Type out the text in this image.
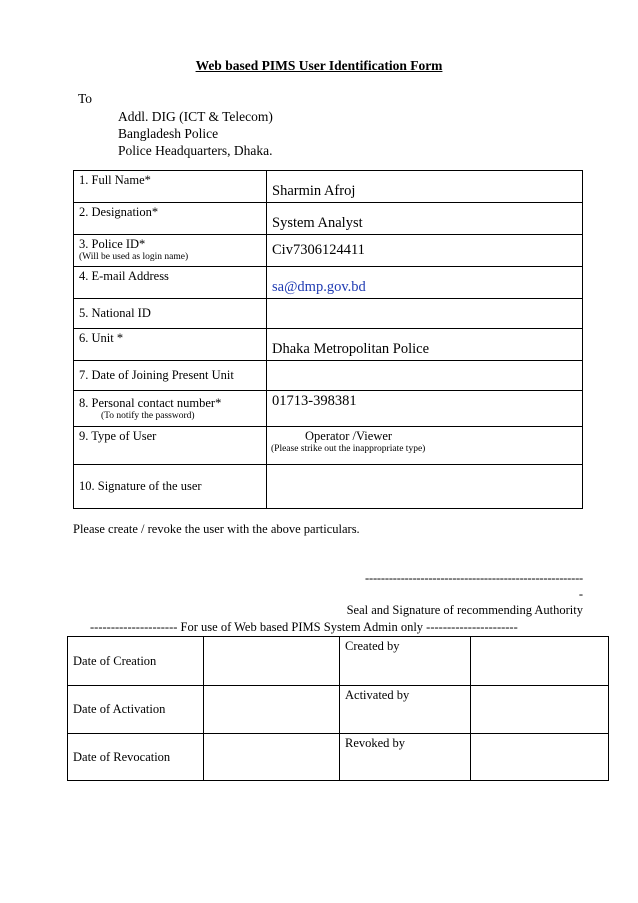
Web based PIMS User Identification Form
To
Addl. DIG (ICT & Telecom)
Bangladesh Police
Police Headquarters, Dhaka.
1. Full Name*	Sharmin Afroj
2. Designation*	System Analyst
3. Police ID*
(Will be used as login name)	Civ7306124411
4. E-mail Address	sa@dmp.gov.bd
5. National ID	
6. Unit *	Dhaka Metropolitan Police
7. Date of Joining Present Unit	
8. Personal contact number*
(To notify the password)	01713-398381
9. Type of User	Operator /Viewer
(Please strike out the inappropriate type)

10. Signature of the user	
Please create / revoke the user with the above particulars.
-------------------------------------------------------
-
Seal and Signature of recommending Authority
--------------------- For use of Web based PIMS System Admin only ----------------------
Date of Creation		Created by	
Date of Activation		Activated by	
Date of Revocation		Revoked by	
